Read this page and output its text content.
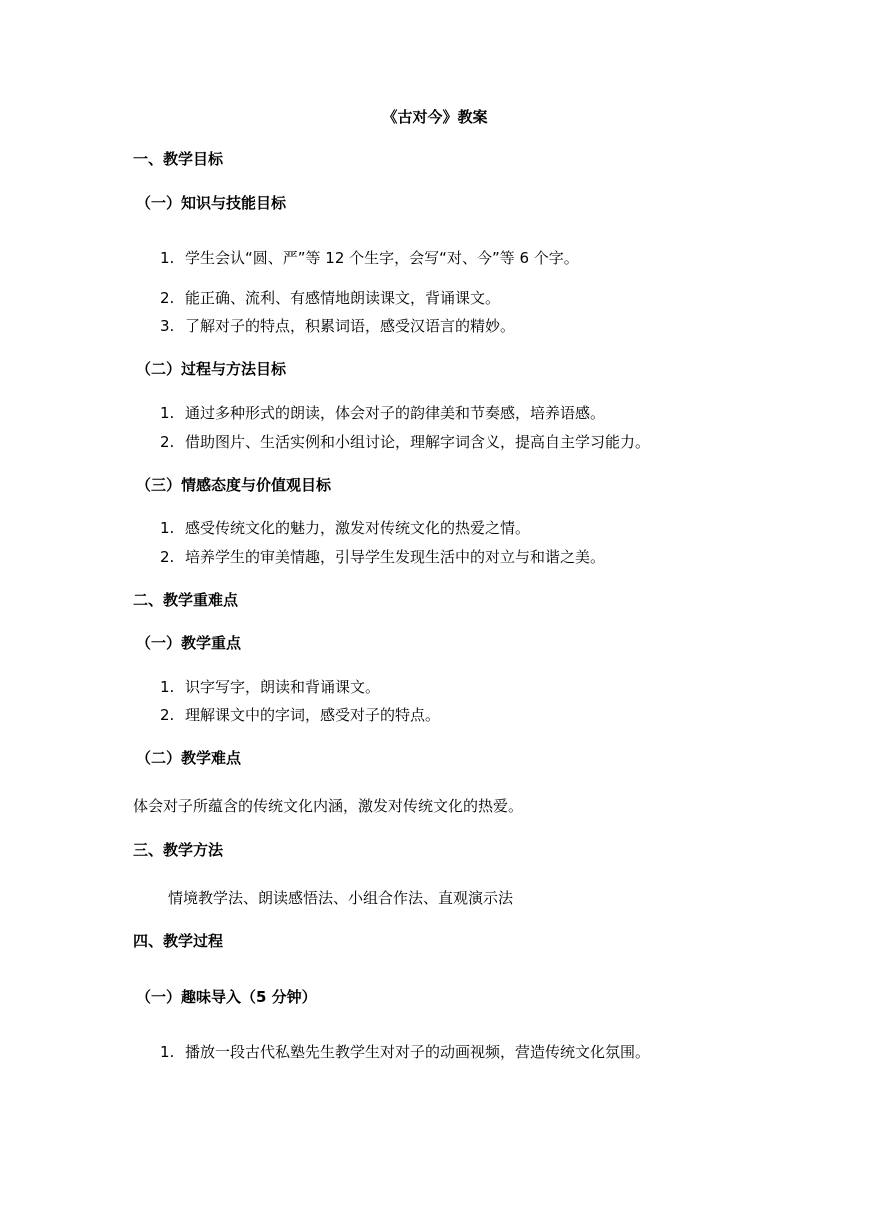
《古对今》教案
一、教学目标
（一）知识与技能目标
1. 学生会认“圆、严”等 12 个生字，会写“对、今”等 6 个字。
2. 能正确、流利、有感情地朗读课文，背诵课文。
3. 了解对子的特点，积累词语，感受汉语言的精妙。
（二）过程与方法目标
1. 通过多种形式的朗读，体会对子的韵律美和节奏感，培养语感。
2. 借助图片、生活实例和小组讨论，理解字词含义，提高自主学习能力。
（三）情感态度与价值观目标
1. 感受传统文化的魅力，激发对传统文化的热爱之情。
2. 培养学生的审美情趣，引导学生发现生活中的对立与和谐之美。
二、教学重难点
（一）教学重点
1. 识字写字，朗读和背诵课文。
2. 理解课文中的字词，感受对子的特点。
（二）教学难点
体会对子所蕴含的传统文化内涵，激发对传统文化的热爱。
三、教学方法
情境教学法、朗读感悟法、小组合作法、直观演示法
四、教学过程
（一）趣味导入（5 分钟）
1. 播放一段古代私塾先生教学生对对子的动画视频，营造传统文化氛围。
